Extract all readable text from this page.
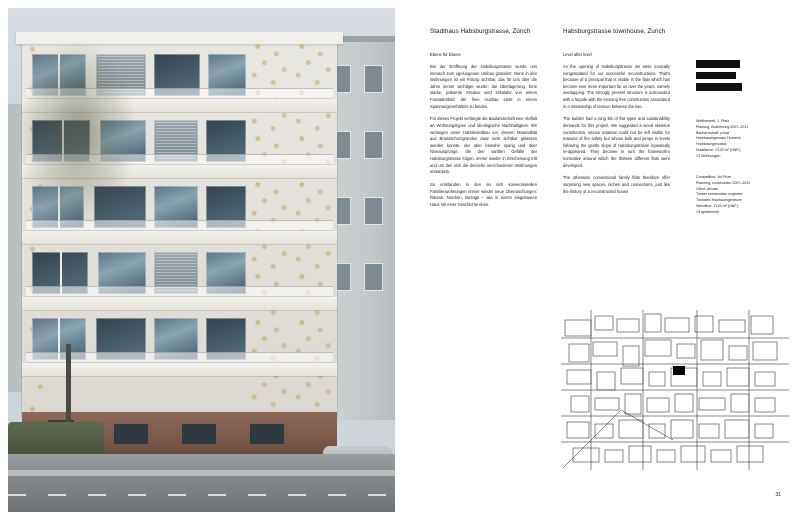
Stadthaus Habsburgstrasse, Zürich

Ebene für Ebene

Bei der Eröffnung der Habsburgstrasse wurde uns immisch zum ugelungenen Umbau gratuliert. Denn in den Wohnungen ist ein Prinzip sichtbar, das für uns über die Jahre immer wichtiger wurde: die Überlagerung. Eine starke, präsente Struktur wird zirkulativ von einem Fassadenbild; der freie Ausbau steht in einem Spannungsverhältnis zu beiden.

Für dieses Projekt verlangte die Baulandschaft eine Vielfalt an Wohnungstypen und ideologische Nachhaltigkeit. Wir verlangen einen Holzskelettbau vor, dessen Materialität aus Brandschutzgründen zwar nicht sichtbar gelassen werden konnte, der aber beinahe sparig und über Niveausprünge, die den sanften Gefälle der Habsburgstrasse folgen, immer wieder in Erscheinung tritt und um den sich die dreizehn verschiedenen Wohnungen entwickeln.

So entstanden in den an sich konventionellen Familienwohnungen immer wieder neue Überraschungen: Räume, Nischen, Bezüge – wie in einem eingebauten Haus mit einer Geschichte eben.

Habsburgstrasse townhouse, Zurich

Level after level

As the opening of Habsburgstrasse we were ironically congratulated for our successful reconstructions. That's because of a principal that is visible in the flats which has become ever more important for us over the years, namely overlapping. The strongly present structure is surrounded with a façade with the ensuing free construction associated in a relationship of tension between the two.

The builder had a long list of flat types and sustainability demands for this project. We suggested a wood skeleton construction, whose material could not be left visible for reasons of fire safety but whose bulk and jumps in levels following the gentle slope of Habsburgstrasse repeatedly re-appeared. They became in turn the framework's normative around which the thirteen different flats were developed.

The otherwise conventional family flats therefore offer surprising new spaces, niches and connections, just like the history of a reconstructed house.

Wettbewerb, 1. Platz

Planung, Ausführung 2007–2011

Bauherrschaft: privat

Hochbaumgenossi Timbelot:

Hochbaungenossin

Nutzfläche: 1'120 m² (HNF);

13 Wohnungen

Competition, 1st Prize

Planning, construction 2007–2011

Client: private

Timber construction engineer:

Timbatec Holzbauingenieure

Net/office: 1'120 m² (HNF);

13 apartments

31
